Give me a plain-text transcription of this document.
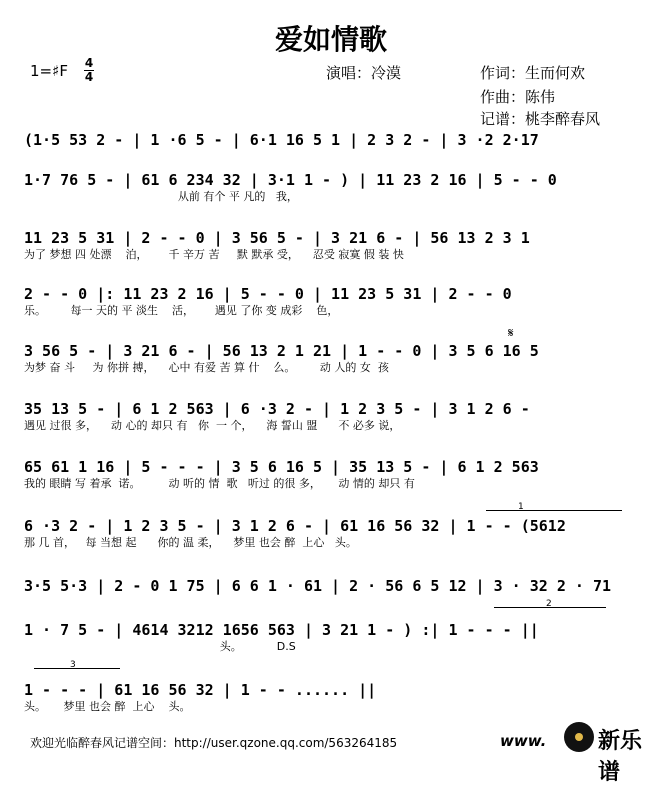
爱如情歌
1=♯F 4
4	演唱：冷漠	作词：生而何欢
作曲：陈伟
记谱：桃李醉春风
(1·5 53 2 - | 1 ·6 5 - | 6·1 16 5 1 | 2 3 2 - | 3 ·2 2·17
1·7 76 5 - | 61 6 234 32 | 3·1 1 - ) | 11 23 2 16 | 5 - - 0
从前 有个 平 凡的   我，
11 23 5 31 | 2 - - 0 | 3 56 5 - | 3 21 6 - | 56 13 2 3 1
为了 梦想 四 处漂    泊，      千 辛万 苦     默 默承 受，    忍受 寂寞 假 装 快
2 - - 0 |: 11 23 2 16 | 5 - - 0 | 11 23 5 31 | 2 - - 0
乐。       每一 天的 平 淡生    活，      遇见 了你 变 成彩    色，
3 56 5 - | 3 21 6 - | 56 13 2 1 21 | 1 - - 0 | 3 5 6 16 5
为梦 奋 斗     为 你拼 搏，    心中 有爱 苦 算 什    么。       动 人的 女  孩
35 13 5 - | 6 1 2 563 | 6 ·3 2 - | 1 2 3 5 - | 3 1 2 6 -
遇见 过很 多，    动 心的 却只 有   你  一 个，    海 誓山 盟      不 必多 说，
65 61 1 16 | 5 - - - | 3 5 6 16 5 | 35 13 5 - | 6 1 2 563
我的 眼睛 写 着承  诺。        动 听的 情  歌   听过 的很 多，     动 情的 却只 有
6 ·3 2 - | 1 2 3 5 - | 3 1 2 6 - | 61 16 56 32 | 1 - - (5612
那 几 首，   每 当想 起      你的 温 柔，    梦里 也会 醉  上心   头。
3·5 5·3 | 2 - 0 1 75 | 6 6 1 · 61 | 2 · 56 6 5 12 | 3 · 32 2 · 71
1 · 7 5 - | 4614 3212 1656 563 | 3 21 1 - ) :| 1 - - - ||
头。          D.S
1 - - - | 61 16 56 32 | 1 - - ...... ||
头。     梦里 也会 醉  上心    头。
1
2
3
𝄋
欢迎光临醉春风记谱空间：http://user.qzone.qq.com/563264185	www. 新乐谱
